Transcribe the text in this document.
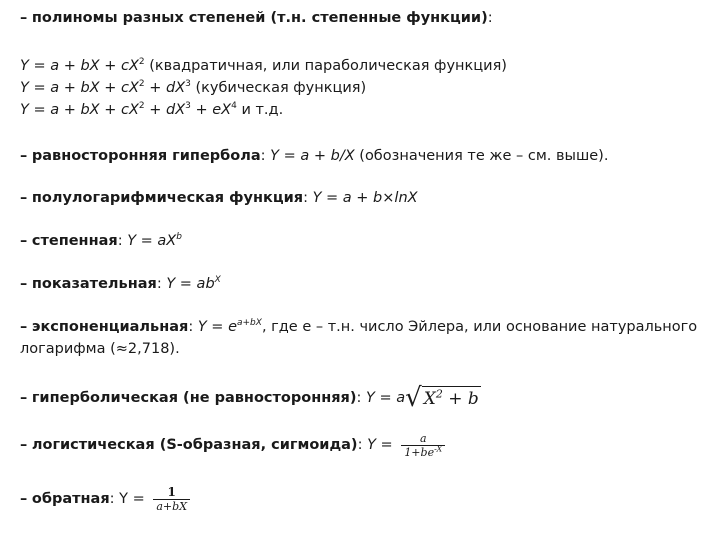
– полиномы разных степеней (т.н. степенные функции):
Y = a + bX + $cX^2$ (квадратичная, или параболическая функция)
Y = a + bX + $cX^2 + dX^3$ (кубическая функция)
Y = a + bX + $cX^2 + dX^3 + eX^4$ и т.д.
– равносторонняя гипербола: Y = a + b/X (обозначения те же – см. выше).
– полулогарифмическая функция: Y = a + b×lnX
– степенная: $Y = aX^b$
– показательная: $Y = ab^X$
– экспоненциальная: $Y = e^{a+bX}$, где e – т.н. число Эйлера, или основание натурального
логарифма (≈2,718).
– гиперболическая (не равносторонняя): Y = a√ $X^2 + b$
– логистическая (S-образная, сигмоида): $Y = \frac{a}{1+be^{-X}}$
– обратная: $Y = \frac{1}{a+bX}$
